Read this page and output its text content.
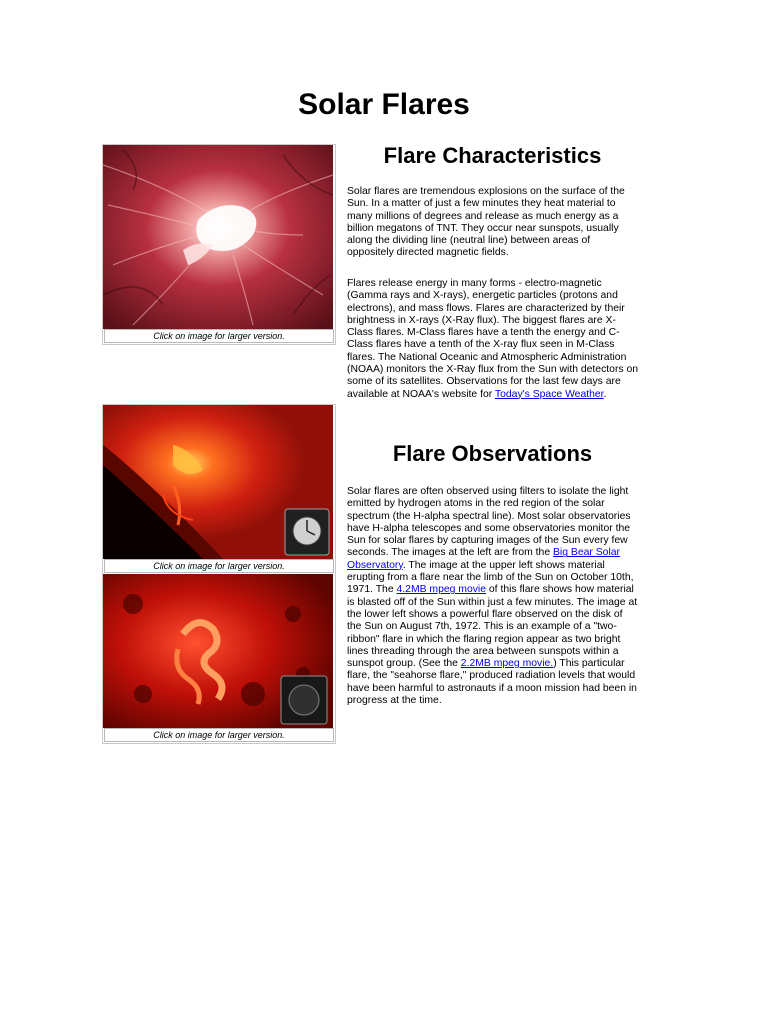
Solar Flares
Click on image for larger version.
Click on image for larger version.
Click on image for larger version.
Flare Characteristics

Solar flares are tremendous explosions on the surface of the Sun. In a matter of just a few minutes they heat material to many millions of degrees and release as much energy as a billion megatons of TNT. They occur near sunspots, usually along the dividing line (neutral line) between areas of oppositely directed magnetic fields.

Flares release energy in many forms - electro-magnetic (Gamma rays and X-rays), energetic particles (protons and electrons), and mass flows. Flares are characterized by their brightness in X-rays (X-Ray flux). The biggest flares are X-Class flares. M-Class flares have a tenth the energy and C-Class flares have a tenth of the X-ray flux seen in M-Class flares. The National Oceanic and Atmospheric Administration (NOAA) monitors the X-Ray flux from the Sun with detectors on some of its satellites. Observations for the last few days are available at NOAA's website for Today's Space Weather.

Flare Observations

Solar flares are often observed using filters to isolate the light emitted by hydrogen atoms in the red region of the solar spectrum (the H-alpha spectral line). Most solar observatories have H-alpha telescopes and some observatories monitor the Sun for solar flares by capturing images of the Sun every few seconds. The images at the left are from the Big Bear Solar Observatory. The image at the upper left shows material erupting from a flare near the limb of the Sun on October 10th, 1971. The 4.2MB mpeg movie of this flare shows how material is blasted off of the Sun within just a few minutes. The image at the lower left shows a powerful flare observed on the disk of the Sun on August 7th, 1972. This is an example of a "two-ribbon" flare in which the flaring region appear as two bright lines threading through the area between sunspots within a sunspot group. (See the 2.2MB mpeg movie.) This particular flare, the "seahorse flare," produced radiation levels that would have been harmful to astronauts if a moon mission had been in progress at the time.
